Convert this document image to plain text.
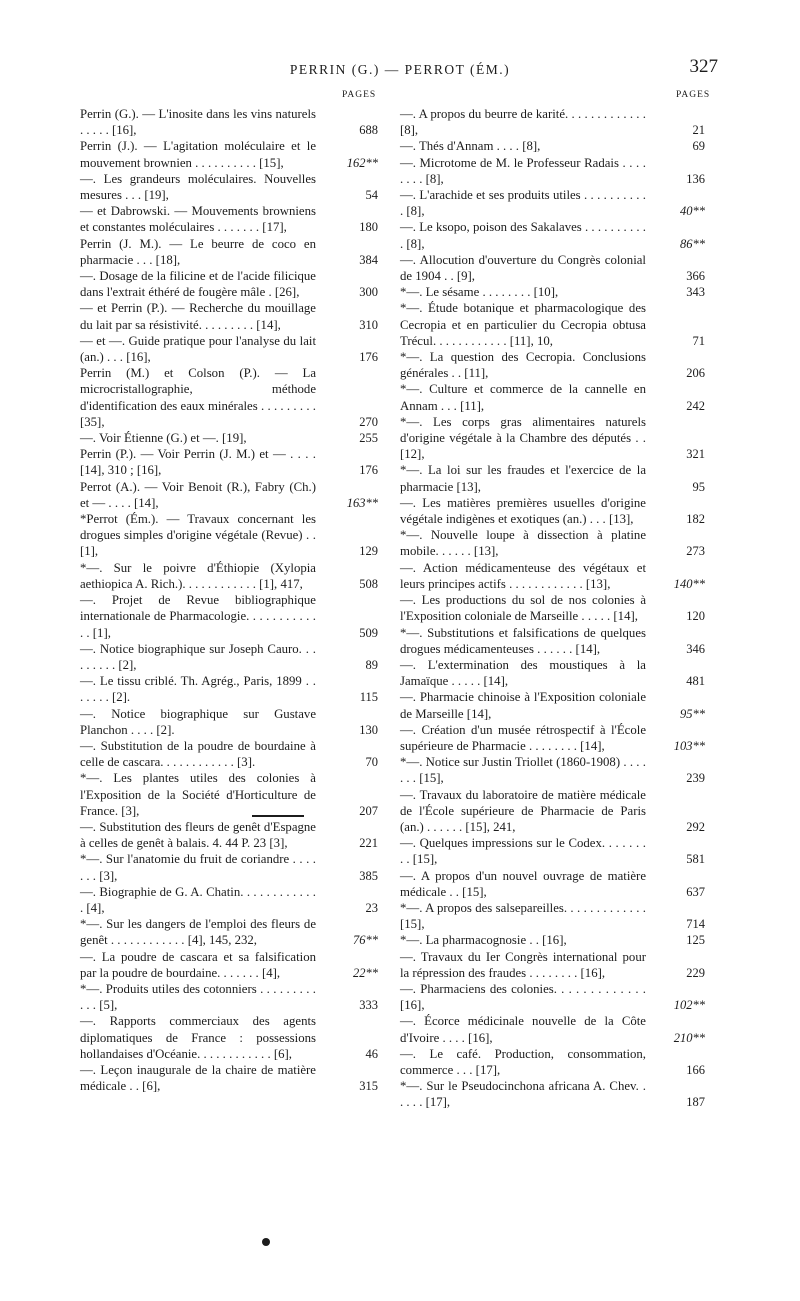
PERRIN (G.) — PERROT (ÉM.)	327
PAGES

Perrin (G.). — L'inosite dans les vins naturels . . . . . [16],	688

Perrin (J.). — L'agitation moléculaire et le mouvement brownien . . . . . . . . . . [15],	162**

—. Les grandeurs moléculaires. Nouvelles mesures . . . [19],	54

— et Dabrowski. — Mouvements browniens et constantes moléculaires . . . . . . . [17],	180

Perrin (J. M.). — Le beurre de coco en pharmacie . . . [18],	384

—. Dosage de la filicine et de l'acide filicique dans l'extrait éthéré de fougère mâle . [26],	300

— et Perrin (P.). — Recherche du mouillage du lait par sa résistivité. . . . . . . . . [14],	310

— et —. Guide pratique pour l'analyse du lait (an.) . . . [16],	176

Perrin (M.) et Colson (P.). — La microcristallographie, méthode d'identification des eaux minérales . . . . . . . . . [35],	270

—. Voir Étienne (G.) et —. [19],	255

Perrin (P.). — Voir Perrin (J. M.) et — . . . . [14], 310 ; [16],	176

Perrot (A.). — Voir Benoit (R.), Fabry (Ch.) et — . . . . [14],	163**

*Perrot (Ém.). — Travaux concernant les drogues simples d'origine végétale (Revue) . . [1],	129

*—. Sur le poivre d'Éthiopie (Xylopia aethiopica A. Rich.). . . . . . . . . . . . [1], 417,	508

—. Projet de Revue bibliographique internationale de Pharmacologie. . . . . . . . . . . . . [1],	509

—. Notice biographique sur Joseph Cauro. . . . . . . . . [2],	89

—. Le tissu criblé. Th. Agrég., Paris, 1899 . . . . . . . [2].	115

—. Notice biographique sur Gustave Planchon . . . . [2].	130

—. Substitution de la poudre de bourdaine à celle de cascara. . . . . . . . . . . . [3].	70

*—. Les plantes utiles des colonies à l'Exposition de la Société d'Horticulture de France. [3],	207

—. Substitution des fleurs de genêt d'Espagne à celles de genêt à balais. 4. 44 P. 23 [3],	221

*—. Sur l'anatomie du fruit de coriandre . . . . . . . [3],	385

—. Biographie de G. A. Chatin. . . . . . . . . . . . . [4],	23

*—. Sur les dangers de l'emploi des fleurs de genêt . . . . . . . . . . . . [4], 145, 232,	76**

—. La poudre de cascara et sa falsification par la poudre de bourdaine. . . . . . . [4],	22**

*—. Produits utiles des cotonniers . . . . . . . . . . . . [5],	333

—. Rapports commerciaux des agents diplomatiques de France : possessions hollandaises d'Océanie. . . . . . . . . . . . [6],	46

—. Leçon inaugurale de la chaire de matière médicale . . [6],	315

PAGES

—. A propos du beurre de karité. . . . . . . . . . . . . [8],	21

—. Thés d'Annam . . . . [8],	69

—. Microtome de M. le Professeur Radais . . . . . . . . [8],	136

—. L'arachide et ses produits utiles . . . . . . . . . . . [8],	40**

—. Le ksopo, poison des Sakalaves . . . . . . . . . . . [8],	86**

—. Allocution d'ouverture du Congrès colonial de 1904 . . [9],	366

*—. Le sésame . . . . . . . . [10],	343

*—. Étude botanique et pharmacologique des Cecropia et en particulier du Cecropia obtusa Trécul. . . . . . . . . . . . [11], 10,	71

*—. La question des Cecropia. Conclusions générales . . [11],	206

*—. Culture et commerce de la cannelle en Annam . . . [11],	242

*—. Les corps gras alimentaires naturels d'origine végétale à la Chambre des députés . . [12],	321

*—. La loi sur les fraudes et l'exercice de la pharmacie [13],	95

—. Les matières premières usuelles d'origine végétale indigènes et exotiques (an.) . . . [13],	182

*—. Nouvelle loupe à dissection à platine mobile. . . . . . [13],	273

—. Action médicamenteuse des végétaux et leurs principes actifs . . . . . . . . . . . . [13],	140**

—. Les productions du sol de nos colonies à l'Exposition coloniale de Marseille . . . . . [14],	120

*—. Substitutions et falsifications de quelques drogues médicamenteuses . . . . . . [14],	346

—. L'extermination des moustiques à la Jamaïque . . . . . [14],	481

—. Pharmacie chinoise à l'Exposition coloniale de Marseille [14],	95**

—. Création d'un musée rétrospectif à l'École supérieure de Pharmacie . . . . . . . . [14],	103**

*—. Notice sur Justin Triollet (1860-1908) . . . . . . . [15],	239

—. Travaux du laboratoire de matière médicale de l'École supérieure de Pharmacie de Paris (an.) . . . . . . [15], 241,	292

—. Quelques impressions sur le Codex. . . . . . . . . [15],	581

—. A propos d'un nouvel ouvrage de matière médicale . . [15],	637

*—. A propos des salsepareilles. . . . . . . . . . . . . [15],	714

*—. La pharmacognosie . . [16],	125

—. Travaux du Ier Congrès international pour la répression des fraudes . . . . . . . . [16],	229

—. Pharmaciens des colonies. . . . . . . . . . . . . [16],	102**

—. Écorce médicinale nouvelle de la Côte d'Ivoire . . . . [16],	210**

—. Le café. Production, consommation, commerce . . . [17],	166

*—. Sur le Pseudocinchona africana A. Chev. . . . . . [17],	187
